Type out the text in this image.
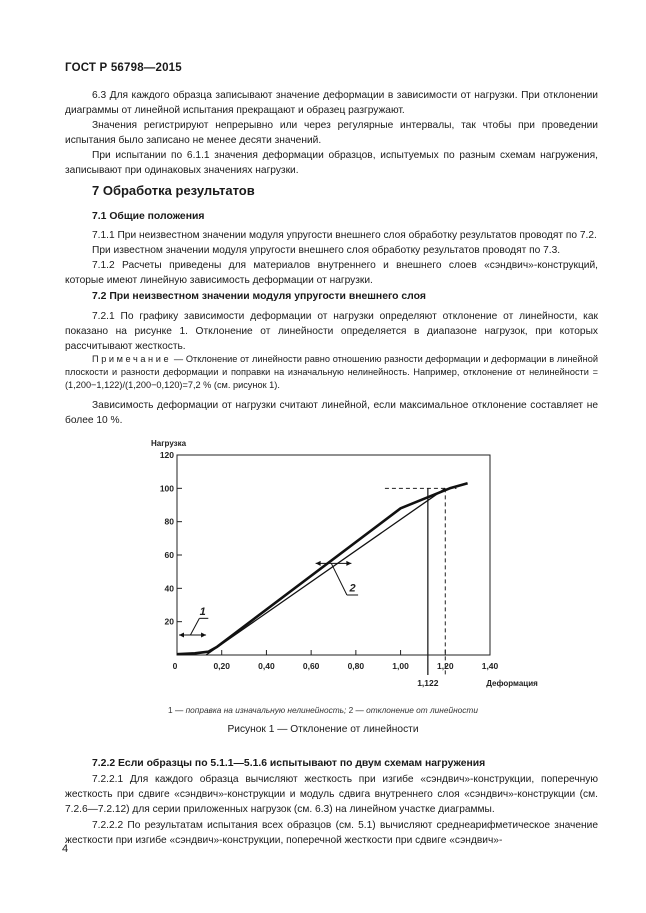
ГОСТ Р 56798—2015
6.3 Для каждого образца записывают значение деформации в зависимости от нагрузки. При отклонении диаграммы от линейной испытания прекращают и образец разгружают.
Значения регистрируют непрерывно или через регулярные интервалы, так чтобы при проведении испытания было записано не менее десяти значений.
При испытании по 6.1.1 значения деформации образцов, испытуемых по разным схемам нагружения, записывают при одинаковых значениях нагрузки.
7 Обработка результатов
7.1 Общие положения
7.1.1 При неизвестном значении модуля упругости внешнего слоя обработку результатов проводят по 7.2.
При известном значении модуля упругости внешнего слоя обработку результатов проводят по 7.3.
7.1.2 Расчеты приведены для материалов внутреннего и внешнего слоев «сэндвич»-конструкций, которые имеют линейную зависимость деформации от нагрузки.
7.2 При неизвестном значении модуля упругости внешнего слоя
7.2.1 По графику зависимости деформации от нагрузки определяют отклонение от линейности, как показано на рисунке 1. Отклонение от линейности определяется в диапазоне нагрузок, при которых рассчитывают жесткость.
Примечание — Отклонение от линейности равно отношению разности деформации и деформации в линейной плоскости и разности деформации и поправки на изначальную нелинейность. Например, отклонение от нелинейности = (1,200−1,122)/(1,200−0,120)=7,2 % (см. рисунок 1).
Зависимость деформации от нагрузки считают линейной, если максимальное отклонение составляет не более 10 %.
20
40
60
80
100
120
0,20	0,40	0,60	0,80	1,00	1,20	1,40
0
Нагрузка
Деформация
1,122
1
2
1 — поправка на изначальную нелинейность; 2 — отклонение от линейности
Рисунок 1 — Отклонение от линейности
7.2.2 Если образцы по 5.1.1—5.1.6 испытывают по двум схемам нагружения
7.2.2.1 Для каждого образца вычисляют жесткость при изгибе «сэндвич»-конструкции, поперечную жесткость при сдвиге «сэндвич»-конструкции и модуль сдвига внутреннего слоя «сэндвич»-конструкции (см. 7.2.6—7.2.12) для серии приложенных нагрузок (см. 6.3) на линейном участке диаграммы.
7.2.2.2 По результатам испытания всех образцов (см. 5.1) вычисляют среднеарифметическое значение жесткости при изгибе «сэндвич»-конструкции, поперечной жесткости при сдвиге «сэндвич»-
4
